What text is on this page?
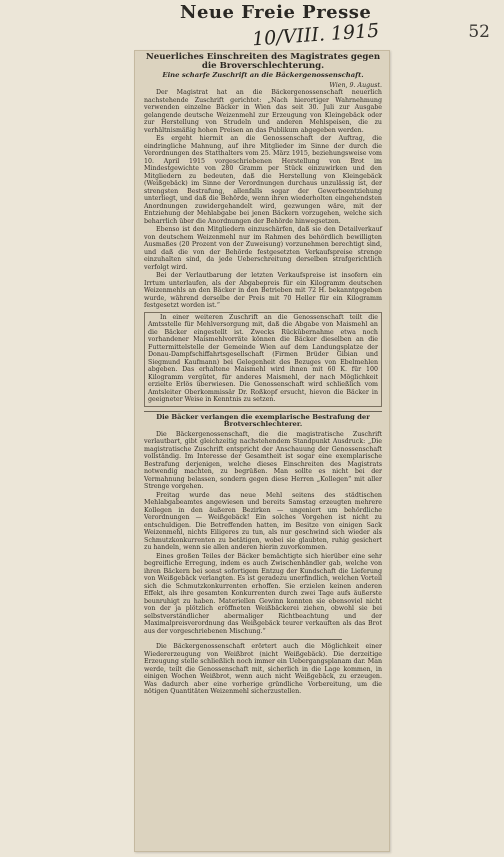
Neue Freie Presse
52
10/VIII. 1915

Neuerliches Einschreiten des Magistrates gegen die Broverschlechterung.

Eine scharfe Zuschrift an die Bäckergenossenschaft.

Wien, 9. August.

Der Magistrat hat an die Bäckergenossenschaft neuerlich nachstehende Zuschrift gerichtet: „Nach hierortiger Wahrnehmung verwenden einzelne Bäcker in Wien das seit 30. Juli zur Ausgabe gelangende deutsche Weizenmehl zur Erzeugung von Kleingebäck oder zur Herstellung von Strudeln und anderen Mehlspeisen, die zu verhältnismäßig hohen Preisen an das Publikum abgegeben werden.

Es ergeht hiermit an die Genossenschaft der Auftrag, die eindringliche Mahnung, auf ihre Mitglieder im Sinne der durch die Verordnungen des Statthalters vom 25. März 1915, beziehungsweise vom 10. April 1915 vorgeschriebenen Herstellung von Brot im Mindestgewichte von 280 Gramm per Stück einzuwirken und den Mitgliedern zu bedeuten, daß die Herstellung von Kleingebäck (Weißgebäck) im Sinne der Verordnungen durchaus unzulässig ist, der strengsten Bestrafung, allenfalls sogar der Gewerbeentziehung unterliegt, und daß die Behörde, wenn ihren wiederholten eingehendsten Anordnungen zuwidergehandelt wird, gezwungen wäre, mit der Entziehung der Mehlabgabe bei jenen Bäckern vorzugehen, welche sich beharrlich über die Anordnungen der Behörde hinwegsetzen.

Ebenso ist den Mitgliedern einzuschärfen, daß sie den Detailverkauf von deutschem Weizenmehl nur im Rahmen des behördlich bewilligten Ausmaßes (20 Prozent von der Zuweisung) vorzunehmen berechtigt sind, und daß die von der Behörde festgesetzten Verkaufspreise strenge einzuhalten sind, da jede Ueberschreitung derselben strafgerichtlich verfolgt wird.

Bei der Verlautbarung der letzten Verkaufspreise ist insofern ein Irrtum unterlaufen, als der Abgabepreis für ein Kilogramm deutschen Weizenmehls an den Bäcker in den Betrieben mit 72 H. bekanntgegeben wurde, während derselbe der Preis mit 70 Heller für ein Kilogramm festgesetzt worden ist.“

In einer weiteren Zuschrift an die Genossenschaft teilt die Amtsstelle für Mehlversorgung mit, daß die Abgabe von Maismehl an die Bäcker eingestellt ist. Zwecks Rückübernahme etwa noch vorhandener Maismehlvorräte können die Bäcker dieselben an die Futtermittelstelle der Gemeinde Wien auf dem Landungsplatze der Donau-Dampfschiffahrtsgesellschaft (Firmen Brüder Gibian und Siegmund Kaufmann) bei Gelegenheit des Bezuges von Ebelmehlen abgeben. Das erhaltene Maismehl wird ihnen mit 60 K. für 100 Kilogramm vergütet, für anderes Maismehl, der nach Möglichkeit erzielte Erlös überwiesen. Die Genossenschaft wird schließlich vom Amtsleiter Oberkommissär Dr. Roßkopf ersucht, hievon die Bäcker in geeigneter Weise in Kenntnis zu setzen.

Die Bäcker verlangen die exemplarische Bestrafung der Brotverschlechterer.

Die Bäckergenossenschaft, die die magistratische Zuschrift verlautbart, gibt gleichzeitig nachstehendem Standpunkt Ausdruck: „Die magistratische Zuschrift entspricht der Anschauung der Genossenschaft vollständig. Im Interesse der Gesamtheit ist sogar eine exemplarische Bestrafung derjenigen, welche dieses Einschreiten des Magistrats notwendig machten, zu begrüßen. Man sollte es nicht bei der Vermahnung belassen, sondern gegen diese Herren „Kollegen“ mit aller Strenge vorgehen.

Freitag wurde das neue Mehl seitens des städtischen Mehlabgabeamtes angewiesen und bereits Samstag erzeugten mehrere Kollegen in den äußeren Bezirken — ungeniert um behördliche Verordnungen — Weißgebäck! Ein solches Vorgehen ist nicht zu entschuldigen. Die Betreffenden hatten, im Besitze von einigen Sack Weizenmehl, nichts Eiligeres zu tun, als nur geschwind sich wieder als Schmutzkonkurrenten zu betätigen, wobei sie glaubten, ruhig gesichert zu handeln, wenn sie allen anderen hierin zuvorkommen.

Eines großen Teiles der Bäcker bemächtigte sich hierüber eine sehr begreifliche Erregung, indem es auch Zwischenhändler gab, welche von ihren Bäckern bei sonst sofortigem Entzug der Kundschaft die Lieferung von Weißgebäck verlangten. Es ist geradezu unerfindlich, welchen Vorteil sich die Schmutzkonkurrenten erhoffen. Sie erzielen keinen anderen Effekt, als ihre gesamten Konkurrenten durch zwei Tage aufs äußerste beunruhigt zu haben. Materiellen Gewinn konnten sie ebensoviel nicht von der ja plötzlich eröffneten Weißbäckerei ziehen, obwohl sie bei selbstverständlicher abermaliger Richtbeachtung und der Maximalpreisverordnung das Weißgebäck teurer verkauften als das Brot aus der vorgeschriebenen Mischung.“

Die Bäckergenossenschaft erörtert auch die Möglichkeit einer Wiedererzeugung von Weißbrot (nicht Weißgebäck). Die derzeitige Erzeugung stelle schließlich noch immer ein Uebergangsplanam dar. Man werde, teilt die Genossenschaft mit, sicherlich in die Lage kommen, in einigen Wochen Weißbrot, wenn auch nicht Weißgebäck, zu erzeugen. Was dadurch aber eine vorherige gründliche Vorbereitung, um die nötigen Quantitäten Weizenmehl sicherzustellen.
